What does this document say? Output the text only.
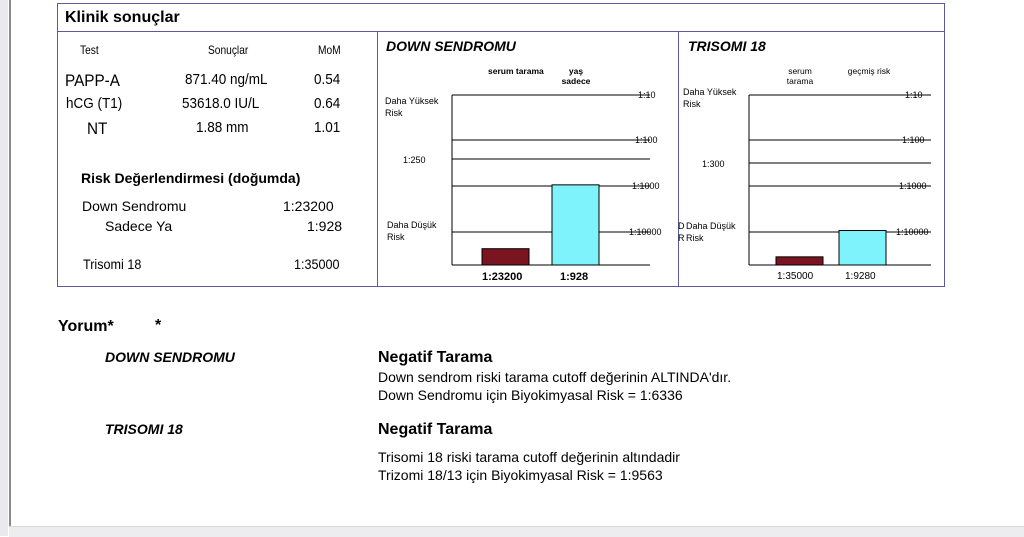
Klinik sonuçlar
Test	Sonuçlar	MoM
PAPP-A	871.40 ng/mL	0.54
hCG (T1)	53618.0 IU/L	0.64
NT	1.88 mm	1.01
Risk Değerlendirmesi (doğumda)
Down Sendromu	1:23200
Sadece Ya	1:928
Trisomi 18	1:35000
DOWN SENDROMU
serum tarama	yaş sadece
Daha Yüksek Risk
1:250
Daha Düşük Risk
1:10
1:100
1:1000
1:10000
1:23200	1:928
TRISOMI 18
serum tarama
geçmiş risk
Daha Yüksek Risk
1:300
D R
Daha Düşük Risk
1:10
1:100
1:1000
1:10000
1:35000	1:9280
Yorum*	*
DOWN SENDROMU	Negatif Tarama
Down sendrom riski tarama cutoff değerinin ALTINDA'dır.
Down Sendromu için Biyokimyasal Risk = 1:6336
TRISOMI 18	Negatif Tarama
Trisomi 18 riski tarama cutoff değerinin altındadir
Trizomi 18/13 için Biyokimyasal Risk = 1:9563
